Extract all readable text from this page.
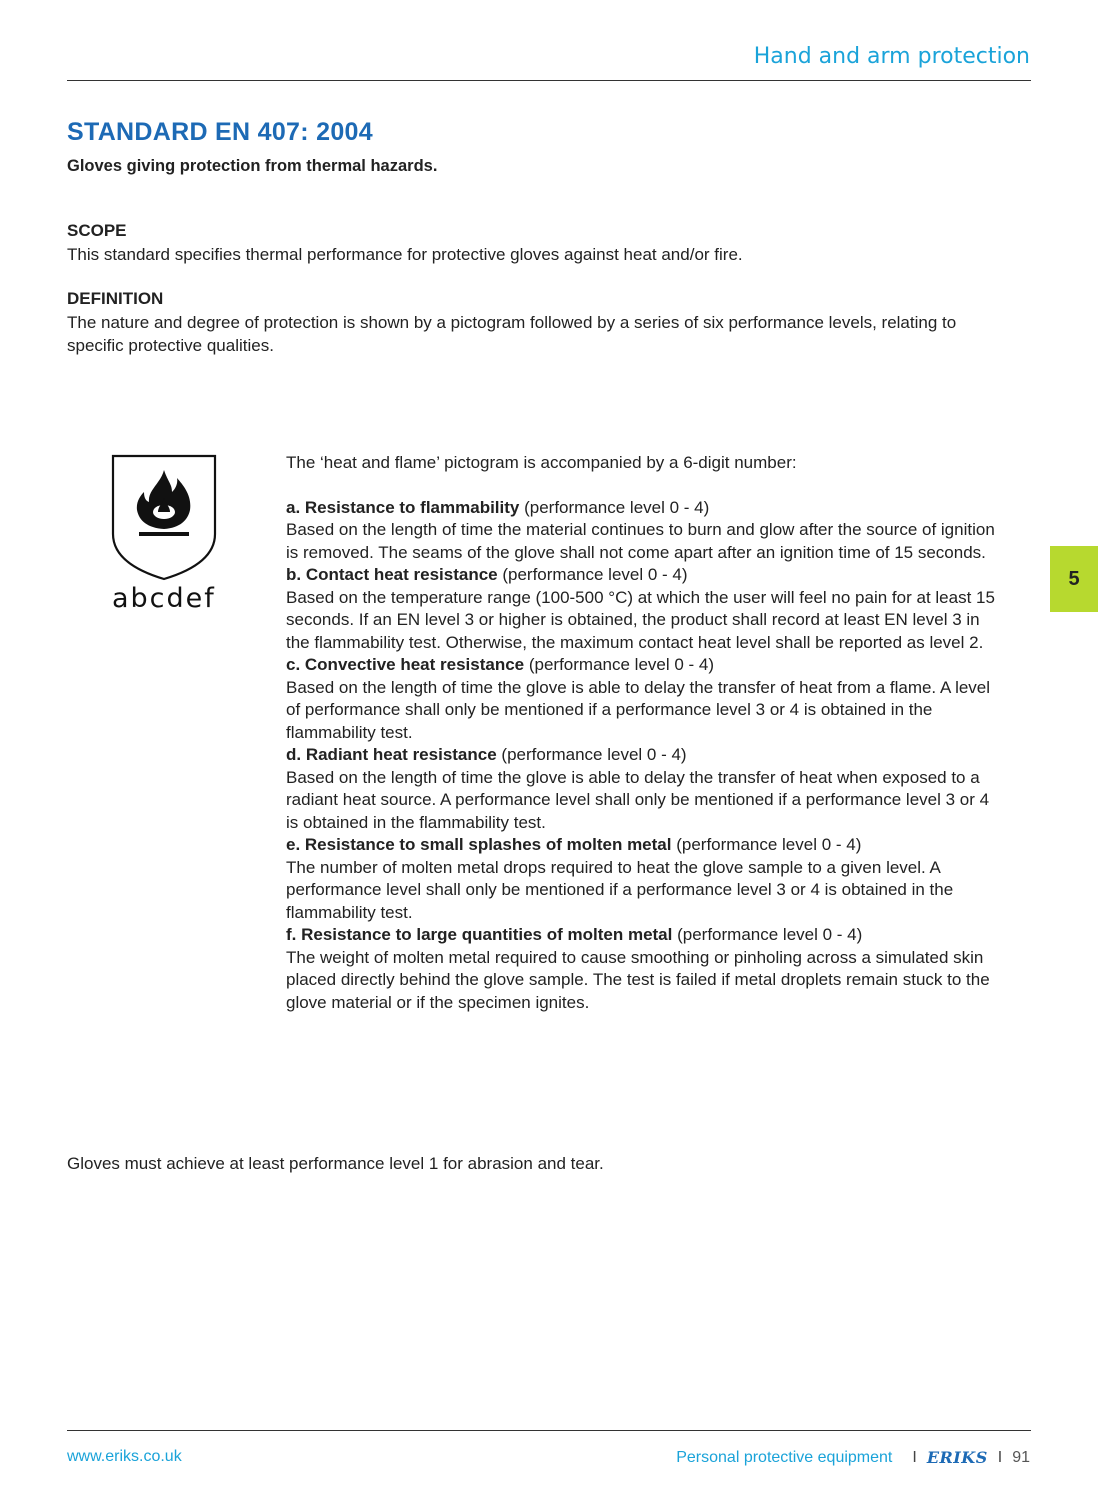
Hand and arm protection
STANDARD EN 407: 2004
Gloves giving protection from thermal hazards.
SCOPE
This standard specifies thermal performance for protective gloves against heat and/or fire.
DEFINITION
The nature and degree of protection is shown by a pictogram followed by a series of six performance levels, relating to specific protective qualities.
abcdef

The ‘heat and flame’ pictogram is accompanied by a 6-digit number:

a. Resistance to flammability (performance level 0 - 4)

Based on the length of time the material continues to burn and glow after the source of ignition is removed. The seams of the glove shall not come apart after an ignition time of 15 seconds.

b. Contact heat resistance (performance level 0 - 4)

Based on the temperature range (100-500 °C) at which the user will feel no pain for at least 15 seconds. If an EN level 3 or higher is obtained, the product shall record at least EN level 3 in the flammability test. Otherwise, the maximum contact heat level shall be reported as level 2.

c. Convective heat resistance (performance level 0 - 4)

Based on the length of time the glove is able to delay the transfer of heat from a flame. A level of performance shall only be mentioned if a performance level 3 or 4 is obtained in the flammability test.

d. Radiant heat resistance (performance level 0 - 4)

Based on the length of time the glove is able to delay the transfer of heat when exposed to a radiant heat source. A performance level shall only be mentioned if a performance level 3 or 4 is obtained in the flammability test.

e. Resistance to small splashes of molten metal (performance level 0 - 4)

The number of molten metal drops required to heat the glove sample to a given level. A performance level shall only be mentioned if a performance level 3 or 4 is obtained in the flammability test.

f. Resistance to large quantities of molten metal (performance level 0 - 4)

The weight of molten metal required to cause smoothing or pinholing across a simulated skin placed directly behind the glove sample. The test is failed if metal droplets remain stuck to the glove material or if the specimen ignites.

5
Gloves must achieve at least performance level 1 for abrasion and tear.
www.eriks.co.uk	Personal protective equipment I ERIKS I 91
